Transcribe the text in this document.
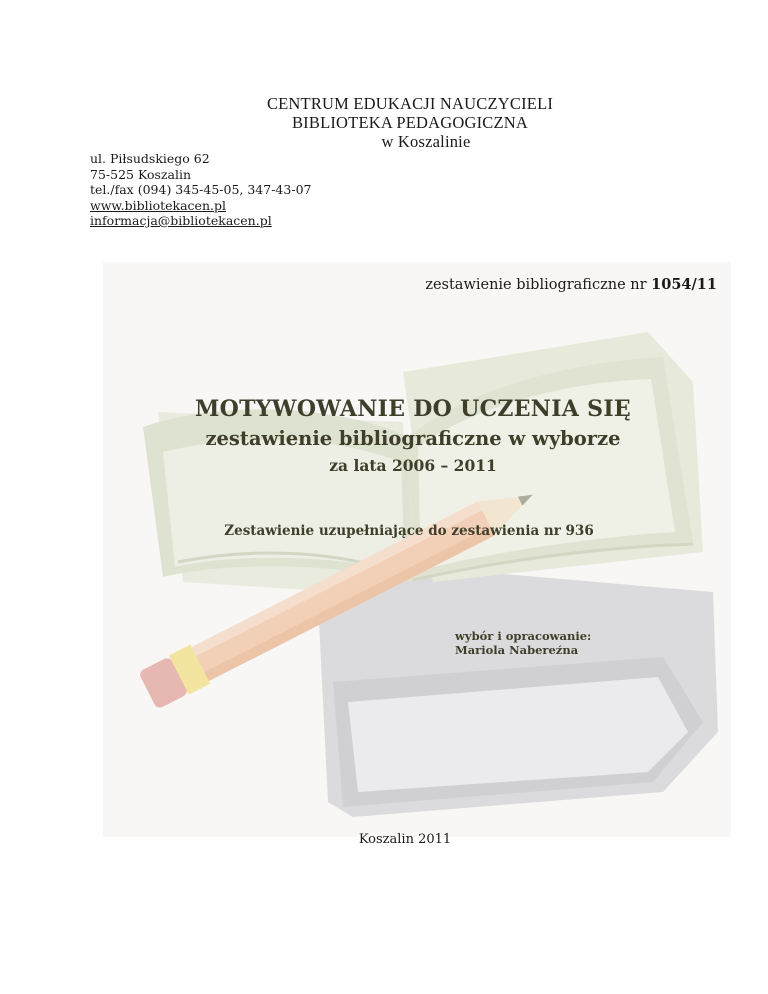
CENTRUM EDUKACJI NAUCZYCIELI
BIBLIOTEKA PEDAGOGICZNA
w Koszalinie
ul. Piłsudskiego 62
75-525 Koszalin
tel./fax (094) 345-45-05, 347-43-07
www.bibliotekacen.pl
informacja@bibliotekacen.pl
zestawienie bibliograficzne nr 1054/11
MOTYWOWANIE DO UCZENIA SIĘ
zestawienie bibliograficzne w wyborze
za lata 2006 – 2011
Zestawienie uzupełniające do zestawienia nr 936
wybór i opracowanie:
Mariola Nabereźna
Koszalin 2011
